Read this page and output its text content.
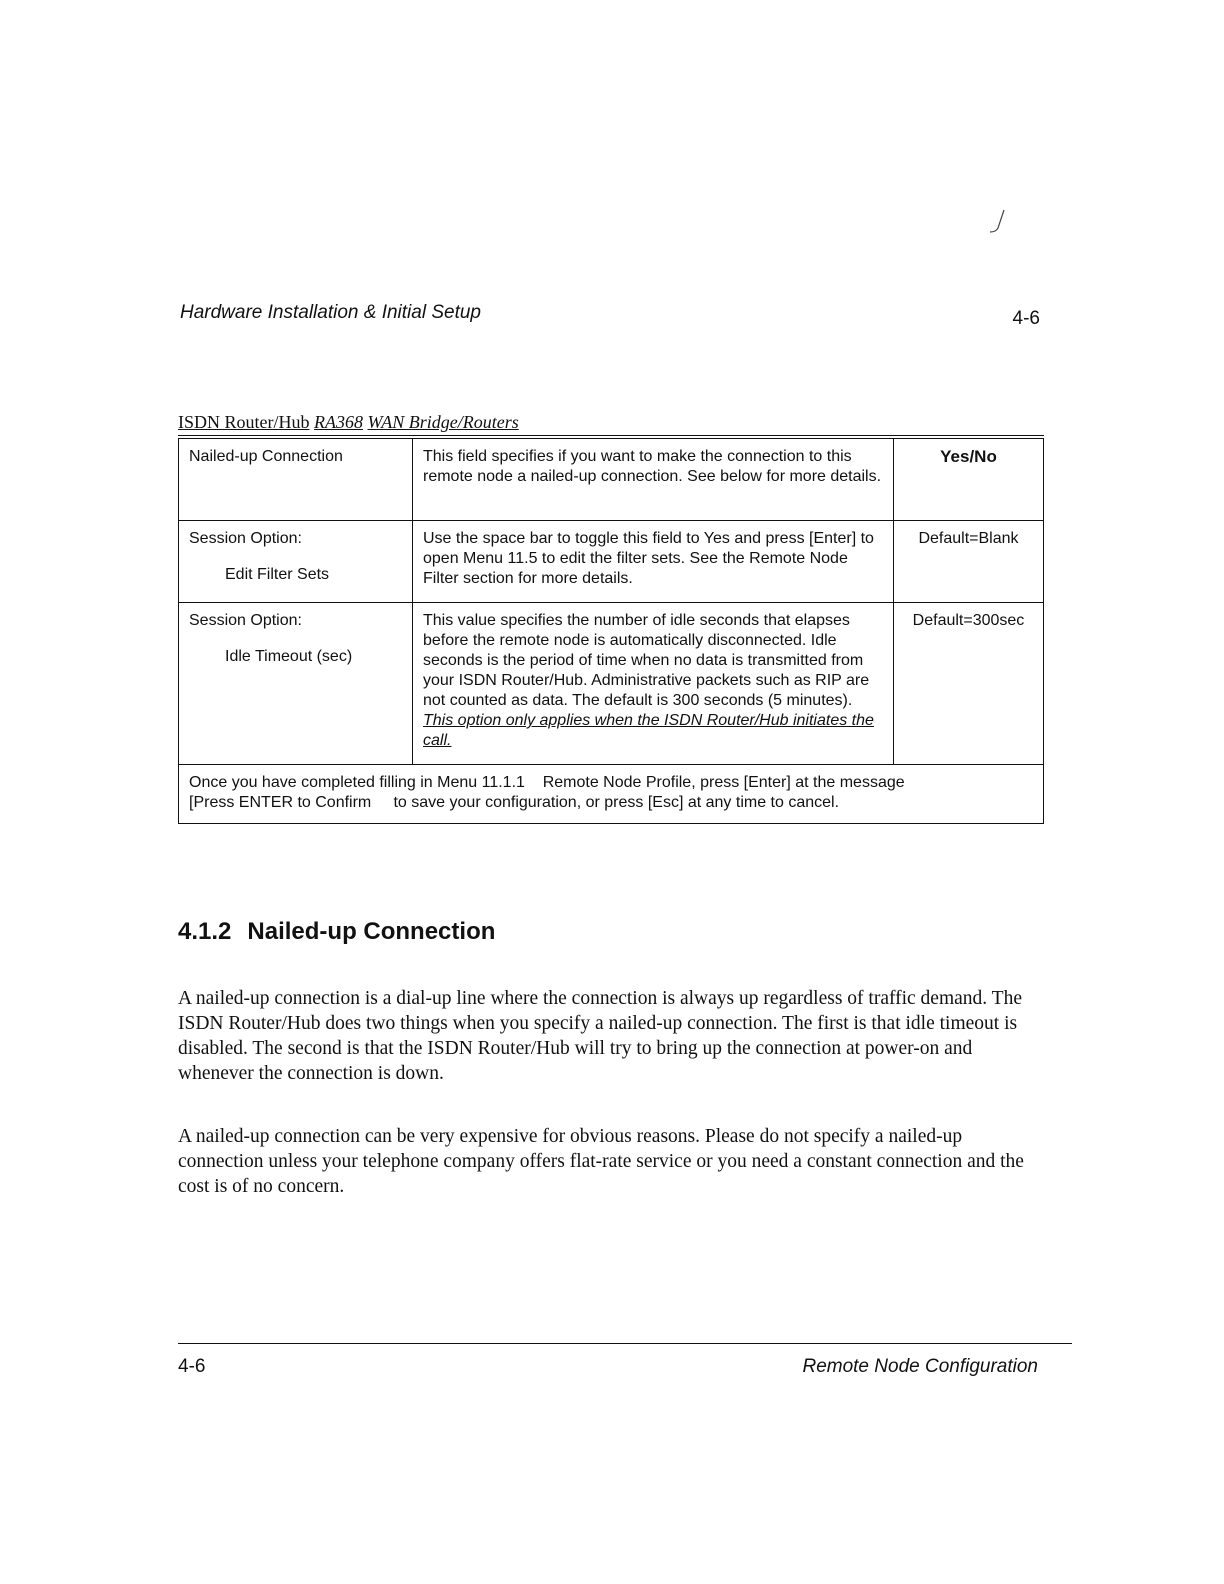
Hardware Installation & Initial Setup	4-6
ISDN Router/Hub RA368 WAN Bridge/Routers
Nailed-up Connection	This field specifies if you want to make the connection to this remote node a nailed-up connection. See below for more details.	Yes/No
Session Option:
Edit Filter Sets	Use the space bar to toggle this field to Yes and press [Enter] to open Menu 11.5 to edit the filter sets. See the Remote Node Filter section for more details.	Default=Blank
Session Option:
Idle Timeout (sec)	This value specifies the number of idle seconds that elapses before the remote node is automatically disconnected. Idle seconds is the period of time when no data is transmitted from your ISDN Router/Hub. Administrative packets such as RIP are not counted as data. The default is 300 seconds (5 minutes). This option only applies when the ISDN Router/Hub initiates the call.	Default=300sec

Once you have completed filling in Menu 11.1.1    Remote Node Profile, press [Enter] at the message
[Press ENTER to Confirm     to save your configuration, or press [Esc] at any time to cancel.		
4.1.2 Nailed-up Connection

A nailed-up connection is a dial-up line where the connection is always up regardless of traffic demand. The ISDN Router/Hub does two things when you specify a nailed-up connection. The first is that idle timeout is disabled. The second is that the ISDN Router/Hub will try to bring up the connection at power-on and whenever the connection is down.

A nailed-up connection can be very expensive for obvious reasons. Please do not specify a nailed-up connection unless your telephone company offers flat-rate service or you need a constant connection and the cost is of no concern.

4-6	Remote Node Configuration
